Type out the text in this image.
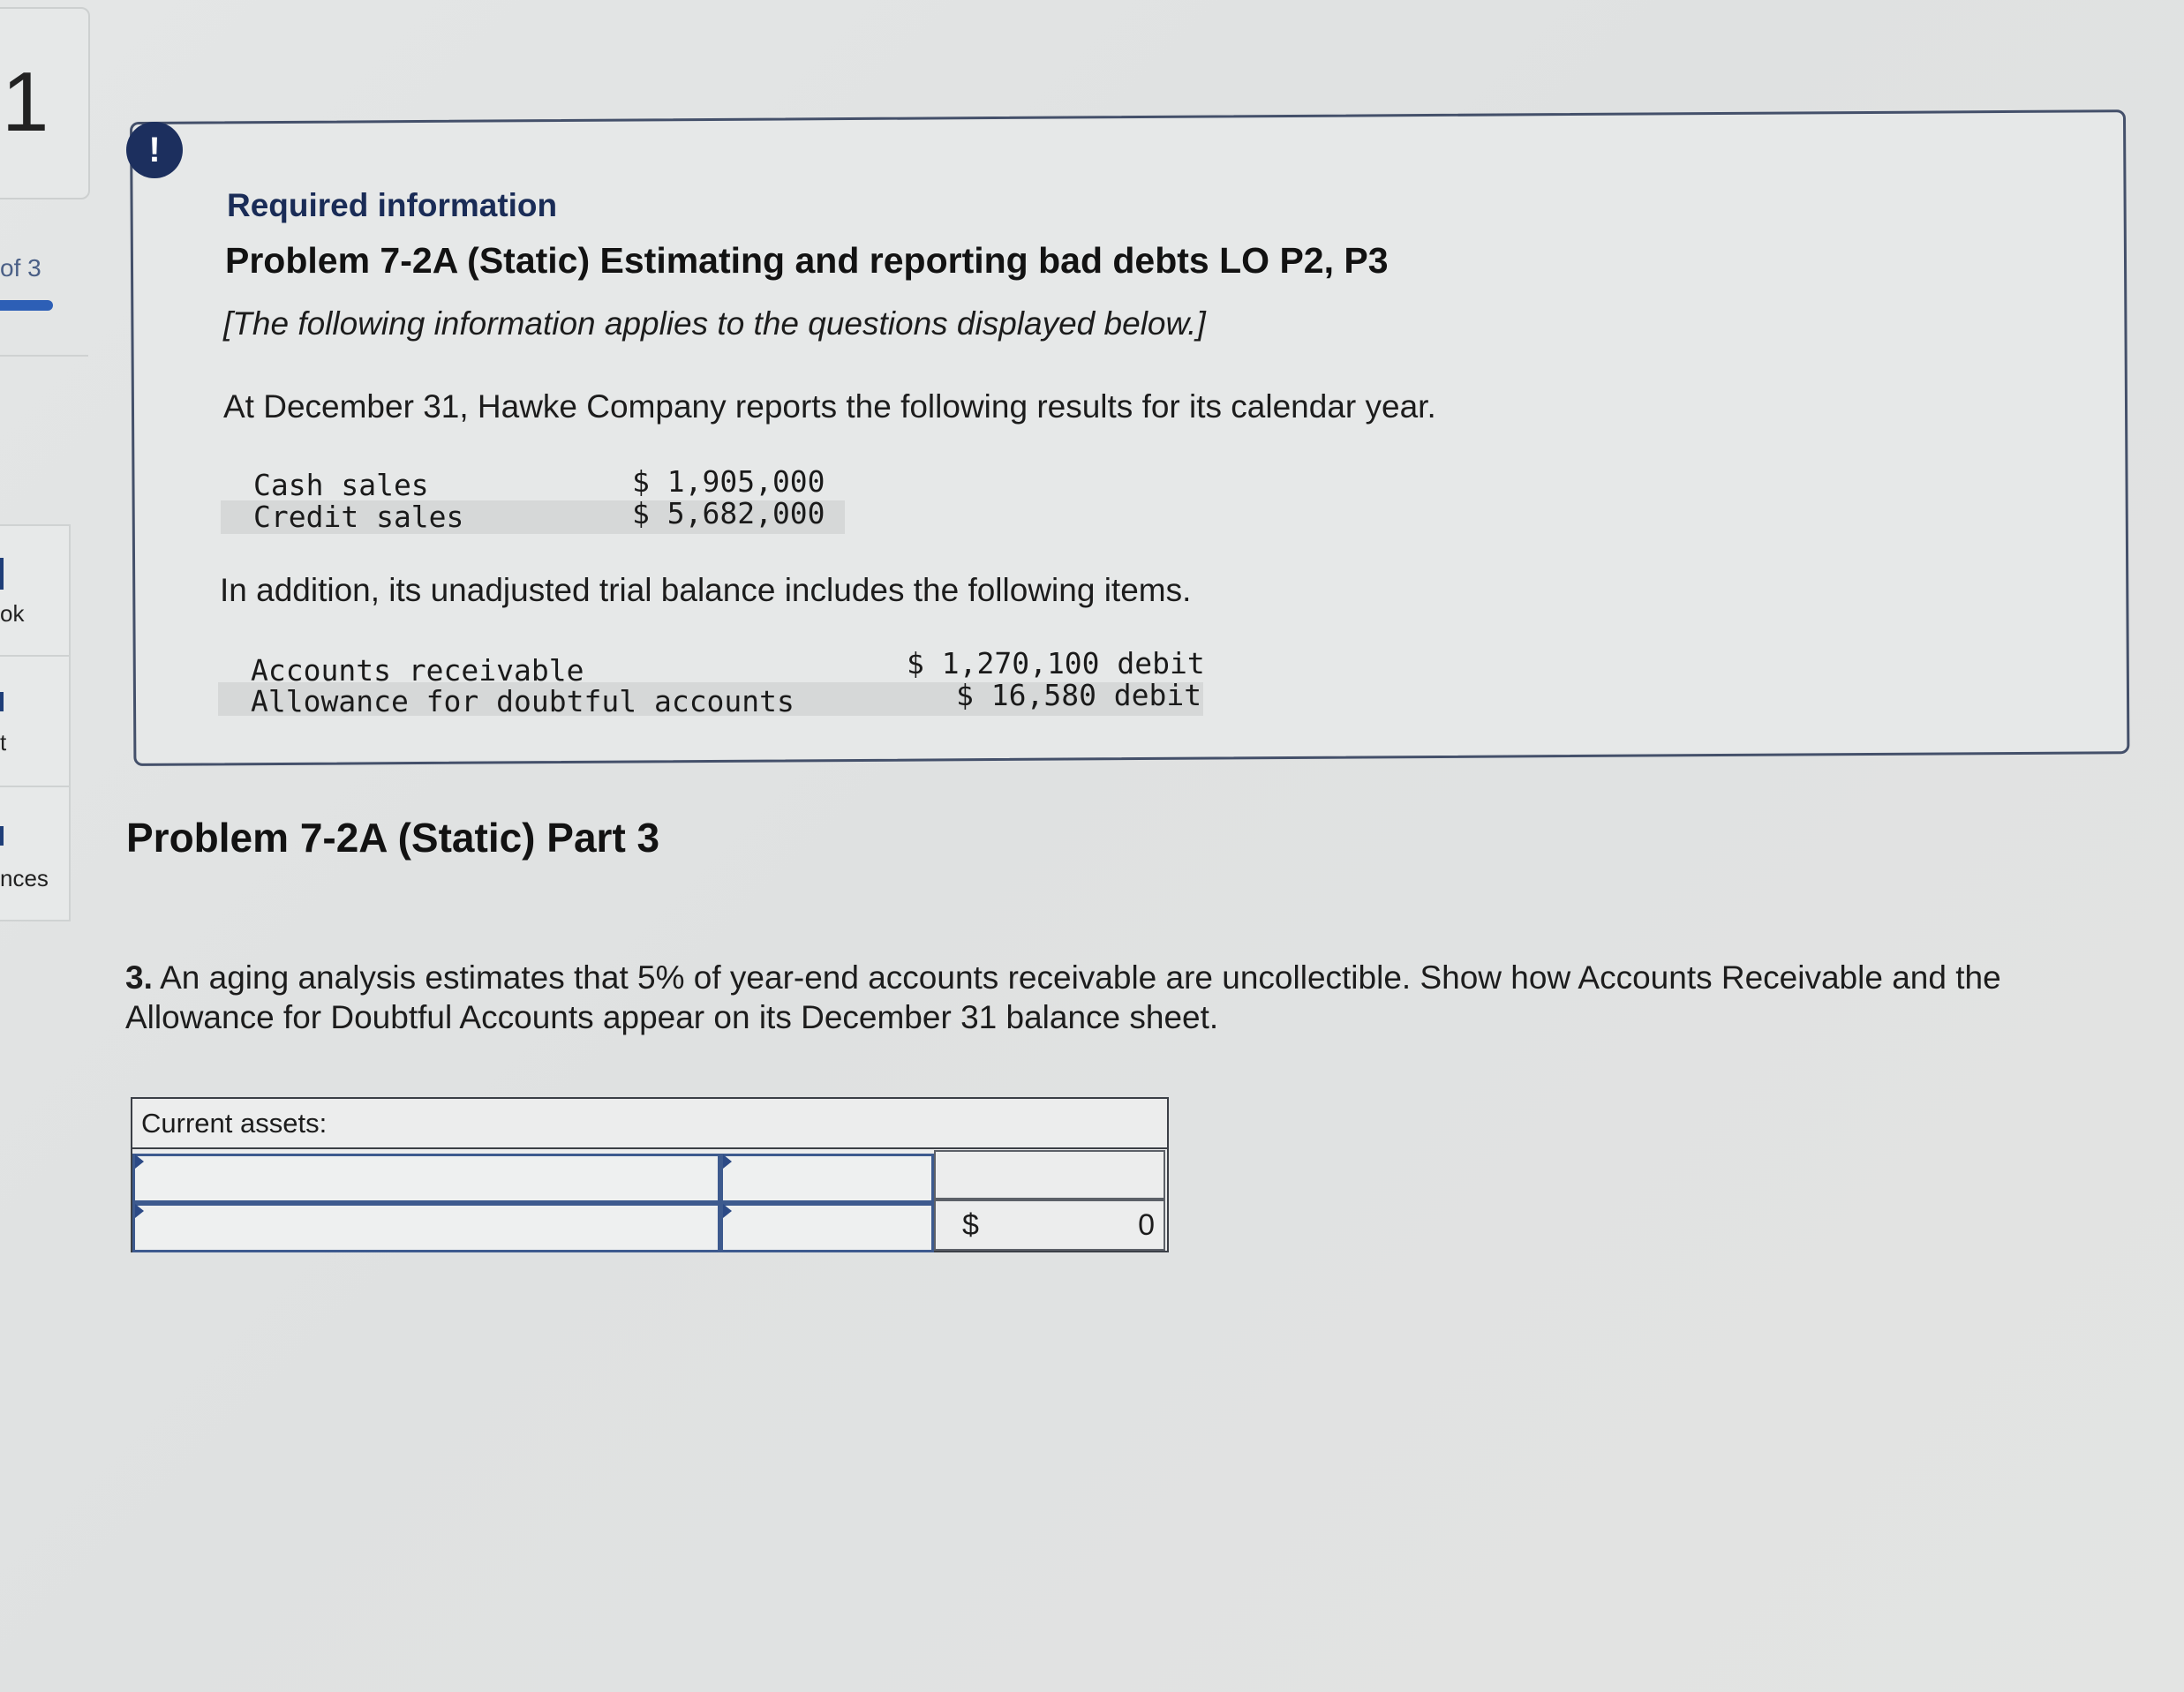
1
of 3
ok
t
nces
!
Required information
Problem 7-2A (Static) Estimating and reporting bad debts LO P2, P3
[The following information applies to the questions displayed below.]
At December 31, Hawke Company reports the following results for its calendar year.
Cash sales	$ 1,905,000
Credit sales	$ 5,682,000
In addition, its unadjusted trial balance includes the following items.
Accounts receivable	$ 1,270,100 debit
Allowance for doubtful accounts	$ 16,580 debit
Problem 7-2A (Static) Part 3
3. An aging analysis estimates that 5% of year-end accounts receivable are uncollectible. Show how Accounts Receivable and the Allowance for Doubtful Accounts appear on its December 31 balance sheet.
Current assets:
$	0
